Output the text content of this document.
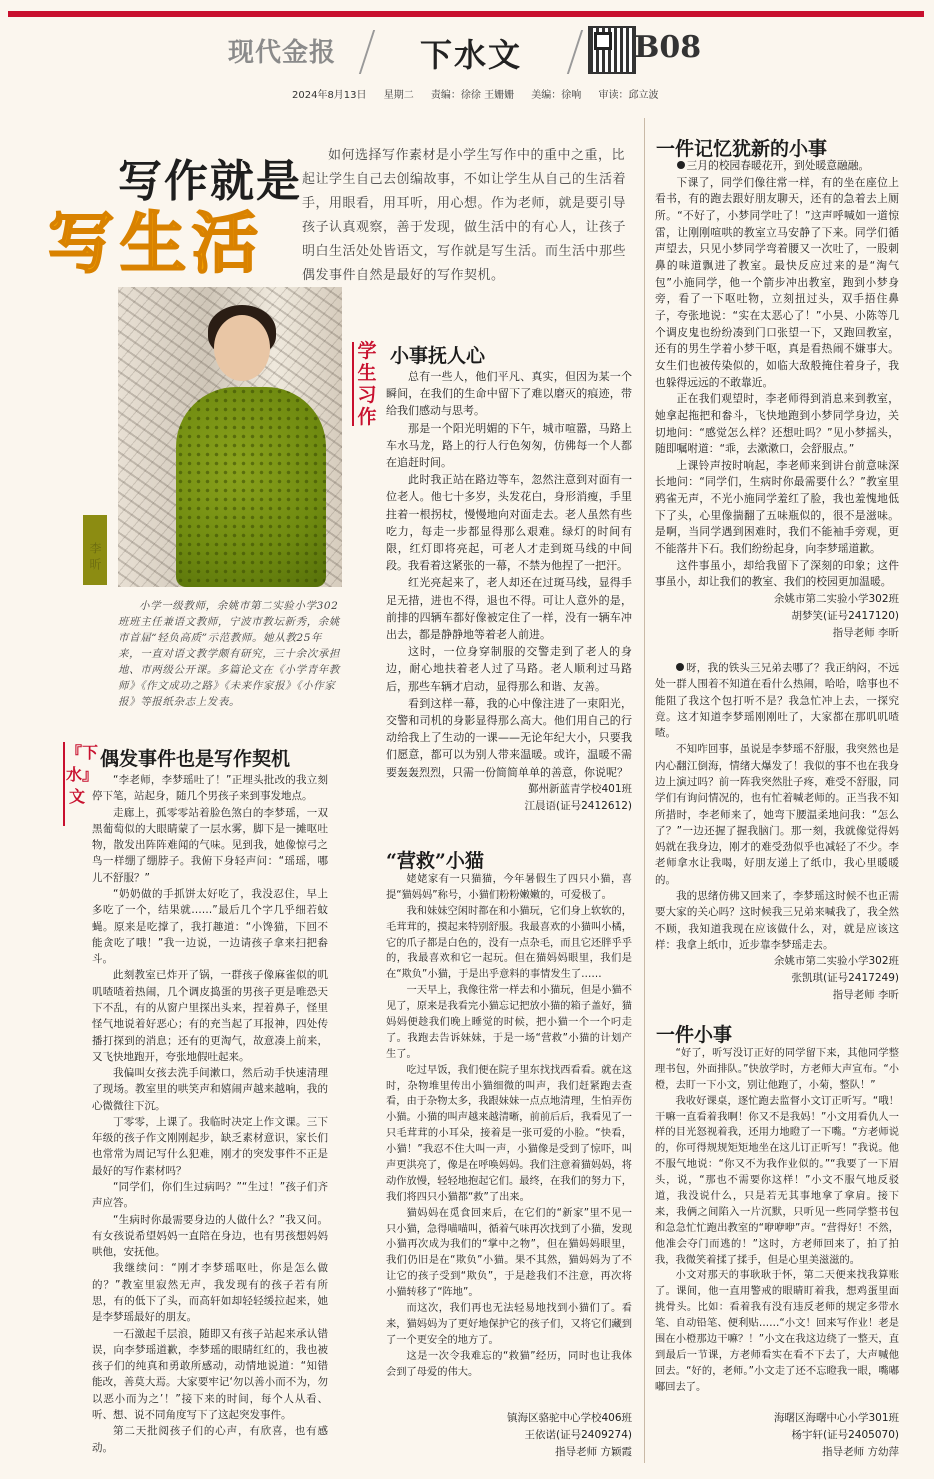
现代金报	下水文	B08
2024年8月13日 星期二 责编：徐徐 王姗姗 美编：徐响 审读：邱立波
写作就是
写生活
如何选择写作素材是小学生写作中的重中之重，比起让学生自己去创编故事，不如让学生从自己的生活着手，用眼看，用耳听，用心想。作为老师，就是要引导孩子认真观察，善于发现，做生活中的有心人，让孩子明白生活处处皆语文，写作就是写生活。而生活中那些偶发事件自然是最好的写作契机。
李昕
小学一级教师，余姚市第二实验小学302班班主任兼语文教师，宁波市教坛新秀，余姚市首届“轻负高质”示范教师。她从教25年来，一直对语文教学颇有研究，三十余次承担地、市两级公开课。多篇论文在《小学青年教师》《作文成功之路》《未来作家报》《小作家报》等报纸杂志上发表。
学生习作
『下水』文
小事抚人心

总有一些人，他们平凡、真实，但因为某一个瞬间，在我们的生命中留下了难以磨灭的痕迹，带给我们感动与思考。

那是一个阳光明媚的下午，城市喧嚣，马路上车水马龙，路上的行人行色匆匆，仿佛每一个人都在追赶时间。

此时我正站在路边等车，忽然注意到对面有一位老人。他七十多岁，头发花白，身形消瘦，手里拄着一根拐杖，慢慢地向对面走去。老人虽然有些吃力，每走一步都显得那么艰难。绿灯的时间有限，红灯即将亮起，可老人才走到斑马线的中间段。我看着这紧张的一幕，不禁为他捏了一把汗。

红光亮起来了，老人却还在过斑马线，显得手足无措，进也不得，退也不得。可让人意外的是，前排的四辆车都好像被定住了一样，没有一辆车冲出去，都是静静地等着老人前进。

这时，一位身穿制服的交警走到了老人的身边，耐心地扶着老人过了马路。老人顺利过马路后，那些车辆才启动，显得那么和谐、友善。

看到这样一幕，我的心中像注进了一束阳光，交警和司机的身影显得那么高大。他们用自己的行动给我上了生动的一课——无论年纪大小，只要我们愿意，都可以为别人带来温暖。或许，温暖不需要轰轰烈烈，只需一份简简单单的善意，你说呢？

鄞州新蓝青学校401班
江晨语(证号2412612)
“营救”小猫

姥姥家有一只猫猫，今年暑假生了四只小猫，喜提“猫妈妈”称号，小猫们粉粉嫩嫩的，可爱极了。

我和妹妹空闲时都在和小猫玩，它们身上软软的，毛茸茸的，摸起来特别舒服。我最喜欢的小猫叫小橘，它的爪子都是白色的，没有一点杂毛，而且它还胖乎乎的，我最喜欢和它一起玩。但在猫妈妈眼里，我们是在“欺负”小猫，于是出乎意料的事情发生了……

一天早上，我像往常一样去和小猫玩，但是小猫不见了，原来是我看完小猫忘记把放小猫的箱子盖好，猫妈妈便趁我们晚上睡觉的时候，把小猫一个一个叼走了。我跑去告诉妹妹，于是一场“营救”小猫的计划产生了。

吃过早饭，我们便在院子里东找找西看看。就在这时，杂物堆里传出小猫细微的叫声，我们赶紧跑去查看，由于杂物太多，我跟妹妹一点点地清理，生怕弄伤小猫。小猫的叫声越来越清晰，前前后后，我看见了一只毛茸茸的小耳朵，接着是一张可爱的小脸。“快看，小猫！”我忍不住大叫一声，小猫像是受到了惊吓，叫声更洪亮了，像是在呼唤妈妈。我们注意着猫妈妈，将动作放慢，轻轻地抱起它们。最终，在我们的努力下，我们将四只小猫都“救”了出来。

猫妈妈在觅食回来后，在它们的“新家”里不见一只小猫，急得喵喵叫，循着气味再次找到了小猫，发现小猫再次成为我们的“掌中之物”，但在猫妈妈眼里，我们仍旧是在“欺负”小猫。果不其然，猫妈妈为了不让它的孩子受到“欺负”，于是趁我们不注意，再次将小猫转移了“阵地”。

而这次，我们再也无法轻易地找到小猫们了。看来，猫妈妈为了更好地保护它的孩子们，又将它们藏到了一个更安全的地方了。

这是一次令我难忘的“救猫”经历，同时也让我体会到了母爱的伟大。

镇海区骆驼中心学校406班
王依诺(证号2409274)
指导老师 方颖霞
偶发事件也是写作契机

“李老师，李梦瑶吐了！”正埋头批改的我立刻停下笔，站起身，随几个男孩子来到事发地点。

走廊上，孤零零站着脸色煞白的李梦瑶，一双黑葡萄似的大眼睛蒙了一层水雾，脚下是一摊呕吐物，散发出阵阵难闻的气味。见到我，她像惊弓之鸟一样绷了绷脖子。我俯下身轻声问：“瑶瑶，哪儿不舒服？”

“奶奶做的手抓饼太好吃了，我没忍住，早上多吃了一个，结果就……”最后几个字几乎细若蚊蝇。原来是吃撑了，我打趣道：“小馋猫，下回不能贪吃了哦！”我一边说，一边请孩子拿来扫把畚斗。

此刻教室已炸开了锅，一群孩子像麻雀似的叽叽喳喳着热闹，几个调皮捣蛋的男孩子更是唯恐天下不乱，有的从窗户里探出头来，捏着鼻子，怪里怪气地说着好恶心；有的充当起了耳报神，四处传播打探到的消息；还有的更淘气，故意凑上前来，又飞快地跑开，夸张地假吐起来。

我偏叫女孩去洗手间漱口，然后动手快速清理了现场。教室里的哄笑声和嬉闹声越来越响，我的心微微往下沉。

丁零零，上课了。我临时决定上作文课。三下年级的孩子作文刚刚起步，缺乏素材意识，家长们也常常为周记写什么犯难，刚才的突发事件不正是最好的写作素材吗？

“同学们，你们生过病吗？”“生过！”孩子们齐声应答。

“生病时你最需要身边的人做什么？”我又问。有女孩说希望妈妈一直陪在身边，也有男孩想妈妈哄他，安抚他。

我继续问：“刚才李梦瑶呕吐，你是怎么做的？”教室里寂然无声，我发现有的孩子若有所思，有的低下了头，而高轩如却轻轻缓拉起来，她是李梦瑶最好的朋友。

一石激起千层浪，随即又有孩子站起来承认错误，向李梦瑶道歉，李梦瑶的眼睛红红的，我也被孩子们的纯真和勇敢所感动，动情地说道：“知错能改，善莫大焉。大家要牢记‘勿以善小而不为，勿以恶小而为之’！”接下来的时间，每个人从看、听、想、说不同角度写下了这起突发事件。

第二天批阅孩子们的心声，有欣喜，也有感动。

一件记忆犹新的小事

三月的校园春暖花开，到处暖意融融。

下课了，同学们像往常一样，有的坐在座位上看书，有的跑去跟好朋友聊天，还有的急着去上厕所。“不好了，小梦同学吐了！”这声呼喊如一道惊雷，让刚刚喧哄的教室立马安静了下来。同学们循声望去，只见小梦同学弯着腰又一次吐了，一股刺鼻的味道飘进了教室。最快反应过来的是“淘气包”小施同学，他一个箭步冲出教室，跑到小梦身旁，看了一下呕吐物，立刻扭过头，双手捂住鼻子，夸张地说：“实在太恶心了！”小昊、小陈等几个调皮鬼也纷纷凑到门口张望一下，又跑回教室，还有的男生学着小梦干呕，真是看热闹不嫌事大。女生们也被传染似的，如临大敌般掩住着身子，我也躲得远远的不敢靠近。

正在我们观望时，李老师得到消息来到教室，她拿起拖把和畚斗，飞快地跑到小梦同学身边，关切地问：“感觉怎么样？还想吐吗？”见小梦摇头，随即嘱咐道：“乖，去漱漱口，会舒服点。”

上课铃声按时响起，李老师来到讲台前意味深长地问：“同学们，生病时你最需要什么？”教室里鸦雀无声，不光小施同学羞红了脸，我也羞愧地低下了头，心里像揣翻了五味瓶似的，很不是滋味。是啊，当同学遇到困难时，我们不能袖手旁观，更不能落井下石。我们纷纷起身，向李梦瑶道歉。

这件事虽小，却给我留下了深刻的印象；这件事虽小，却让我们的教室、我们的校园更加温暖。

余姚市第二实验小学302班
胡梦笑(证号2417120)
指导老师 李昕

呀，我的铁头三兄弟去哪了？我正纳闷，不远处一群人围着不知道在看什么热闹，哈哈，啥事也不能阻了我这个包打听不是？我急忙冲上去，一探究竟。这才知道李梦瑶刚刚吐了，大家都在那叽叽喳喳。

不知咋回事，虽说是李梦瑶不舒服，我突然也是内心翻江倒海，情绪大爆发了！我似的事不也在我身边上演过吗？前一阵我突然肚子疼，难受不舒服，同学们有询问情况的，也有忙着喊老师的。正当我不知所措时，李老师来了，她弯下腰温柔地问我：“怎么了？”一边还握了握我脑门。那一刻，我就像觉得妈妈就在我身边，刚才的难受劲似乎也减轻了不少。李老师拿水让我喝，好朋友递上了纸巾，我心里暖暖的。

我的思绪仿佛又回来了，李梦瑶这时候不也正需要大家的关心吗？这时候我三兄弟来喊我了，我全然不顾，我知道我现在应该做什么，对，就是应该这样：我拿上纸巾，近步靠李梦瑶走去。

余姚市第二实验小学302班
张凯琪(证号2417249)
指导老师 李昕
一件小事

“好了，听写没订正好的同学留下来，其他同学整理书包，外面排队。”快放学时，方老师大声宣布。“小橙，去盯一下小文，别让他跑了，小菊，整队！”

我收好课桌，逐忙跑去监督小文订正听写。“哦！干嘛一直看着我啊！你又不是我妈！”小文用看仇人一样的目光怒视着我，还用力地瞪了一下嘴。“方老师说的，你可得规规矩矩地坐在这儿订正听写！”我说。他不服气地说：“你又不为我作业似的。”“我要了一下眉头，说，“那也不需要你这样！”小文不服气地反驳道，我没说什么，只是若无其事地拿了拿肩。接下来，我俩之间陷入一片沉默，只听见一些同学整书包和急急忙忙跑出教室的“咿咿咿”声。“营得好！不然，他准会夺门而逃的！”这时，方老师回来了，拍了拍我，我微笑着揉了揉手，但是心里美滋滋的。

小文对那天的事耿耿于怀，第二天便来找我算账了。课间，他一直用警戒的眼睛盯着我，想鸡蛋里面挑骨头。比如：看着我有没有违反老师的规定多带水笔、自动铅笔、便利贴……“小文！回来写作业！老是围在小橙那边干嘛？！”小文在我这边绕了一整天，直到最后一节课，方老师看实在看不下去了，大声喊他回去。“好的，老师。”小文走了还不忘瞪我一眼，嘴嘟嘟回去了。

海曙区海曙中心小学301班
杨宇轩(证号2405070)
指导老师 方幼萍
